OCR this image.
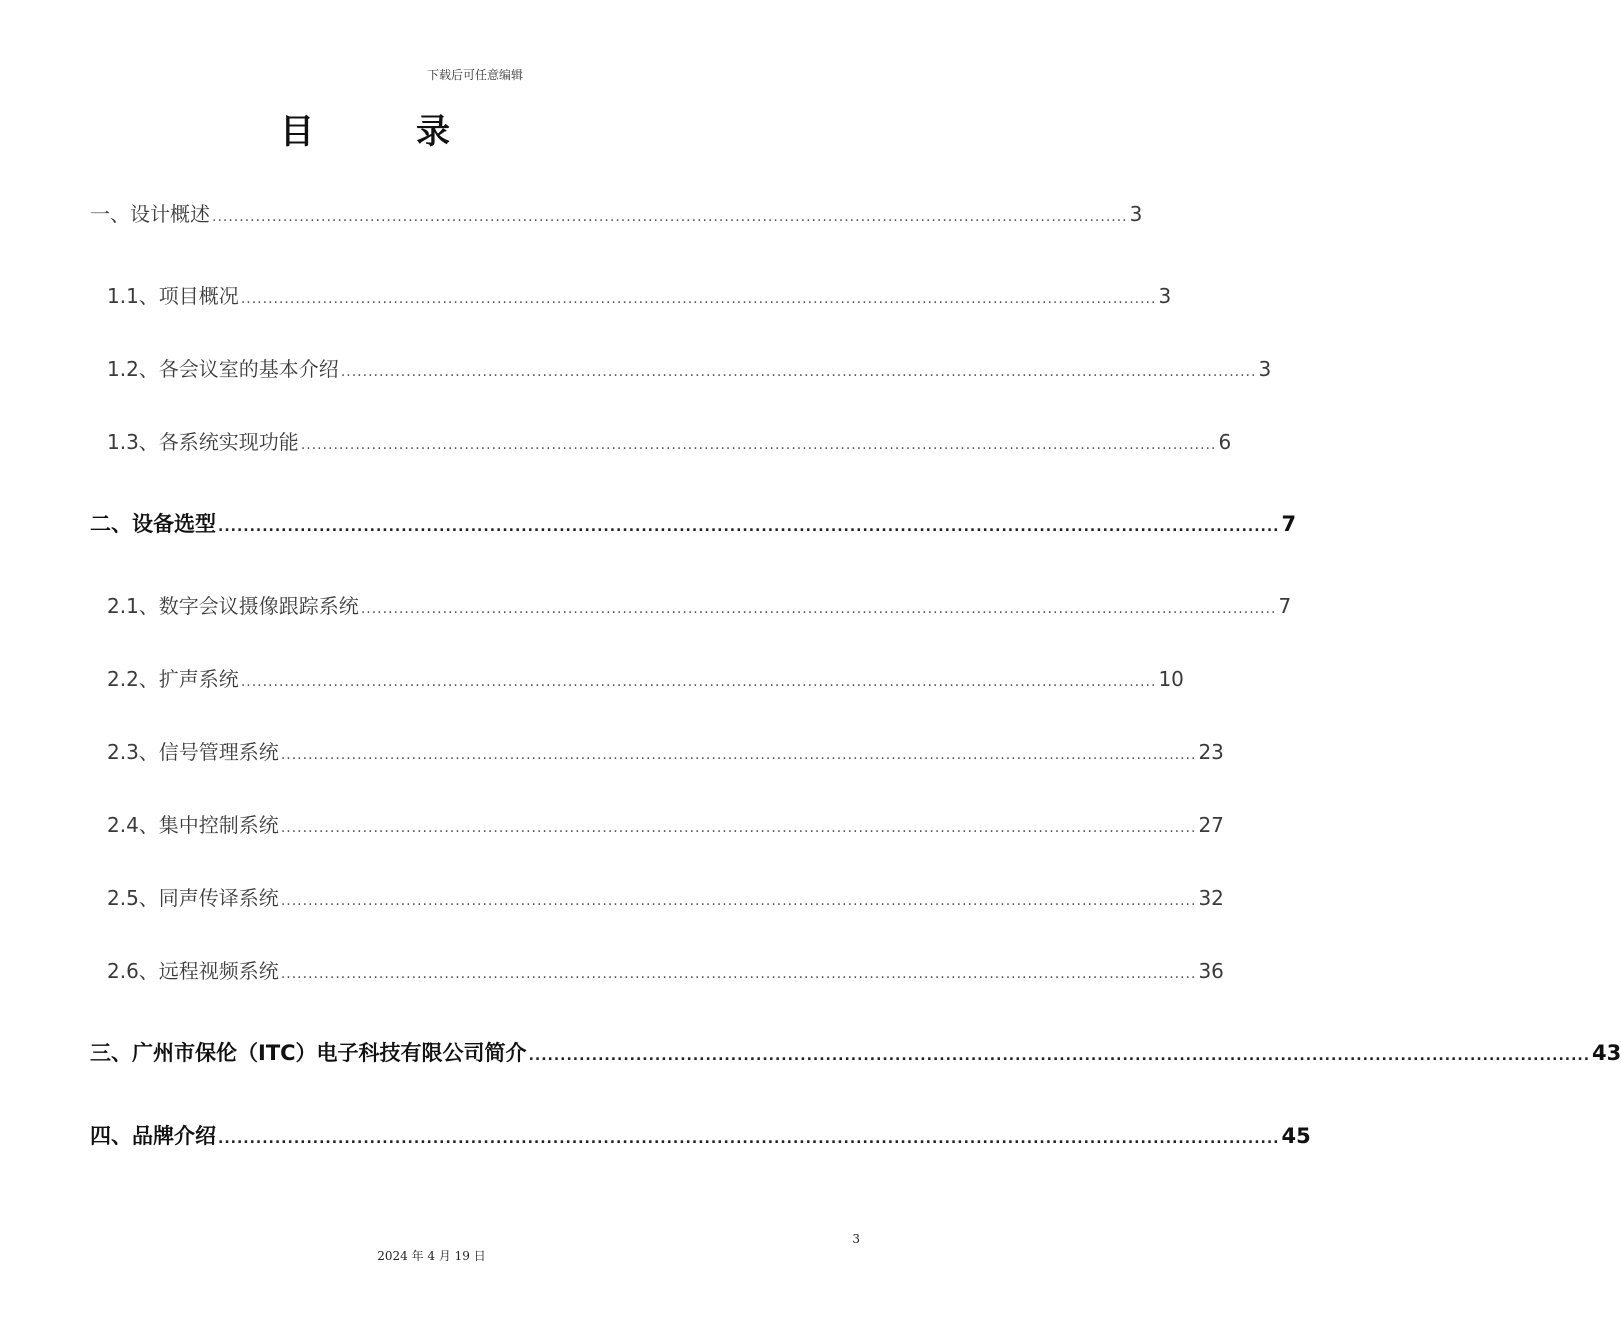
下载后可任意编辑
目	录
一、设计概述 ........................................................................................................................................................................ 3
1.1、项目概况 ........................................................................................................................................................................ 3
1.2、各会议室的基本介绍 ........................................................................................................................................................................ 3
1.3、各系统实现功能 ........................................................................................................................................................................ 6
二、设备选型 ........................................................................................................................................................................ 7
2.1、数字会议摄像跟踪系统 ........................................................................................................................................................................ 7
2.2、扩声系统 ........................................................................................................................................................................ 10
2.3、信号管理系统 ........................................................................................................................................................................ 23
2.4、集中控制系统 ........................................................................................................................................................................ 27
2.5、同声传译系统 ........................................................................................................................................................................ 32
2.6、远程视频系统 ........................................................................................................................................................................ 36
三、广州市保伦（ITC）电子科技有限公司简介 ........................................................................................................................................................................ 43
四、品牌介绍 ........................................................................................................................................................................ 45
3
2024 年 4 月 19 日
